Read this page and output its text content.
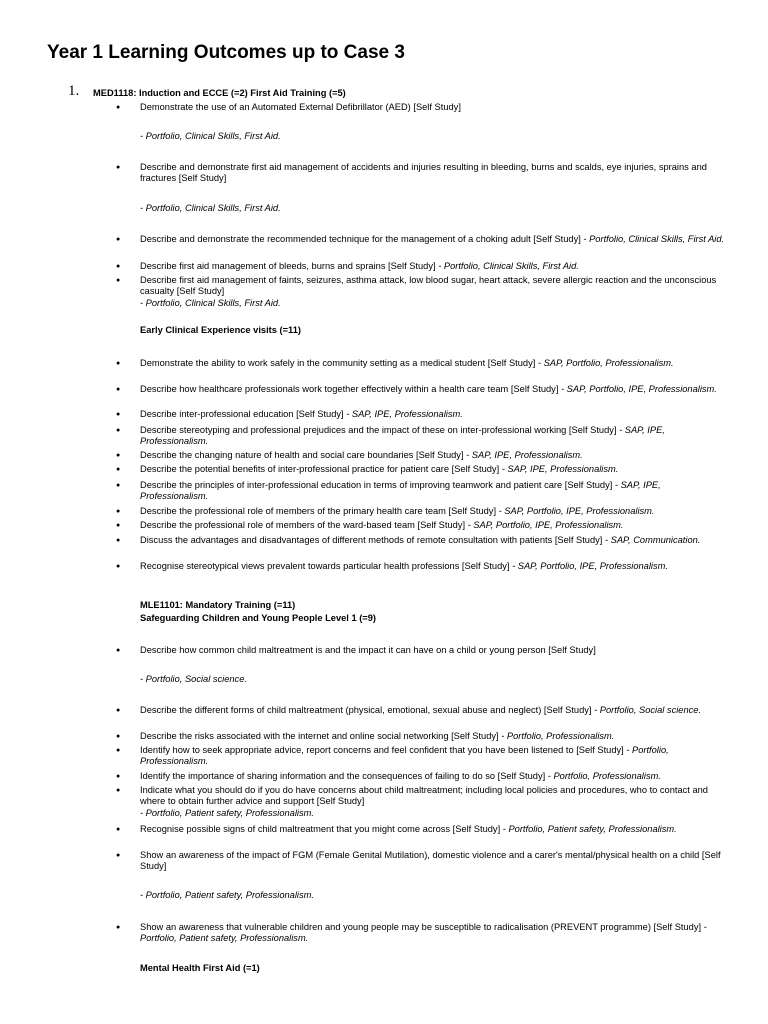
Year 1 Learning Outcomes up to Case 3
1. MED1118: Induction and ECCE (=2) First Aid Training (=5)
● Demonstrate the use of an Automated External Defibrillator (AED) [Self Study]
- Portfolio, Clinical Skills, First Aid.
● Describe and demonstrate first aid management of accidents and injuries resulting in bleeding, burns and scalds, eye injuries, sprains and fractures [Self Study]
- Portfolio, Clinical Skills, First Aid.
● Describe and demonstrate the recommended technique for the management of a choking adult [Self Study] - Portfolio, Clinical Skills, First Aid.
● Describe first aid management of bleeds, burns and sprains [Self Study] - Portfolio, Clinical Skills, First Aid.
● Describe first aid management of faints, seizures, asthma attack, low blood sugar, heart attack, severe allergic reaction and the unconscious casualty [Self Study]
- Portfolio, Clinical Skills, First Aid.
Early Clinical Experience visits (=11)
● Demonstrate the ability to work safely in the community setting as a medical student [Self Study] - SAP, Portfolio, Professionalism.
● Describe how healthcare professionals work together effectively within a health care team [Self Study] - SAP, Portfolio, IPE, Professionalism.
● Describe inter-professional education [Self Study] - SAP, IPE, Professionalism.
● Describe stereotyping and professional prejudices and the impact of these on inter-professional working [Self Study] - SAP, IPE, Professionalism.
● Describe the changing nature of health and social care boundaries [Self Study] - SAP, IPE, Professionalism.
● Describe the potential benefits of inter-professional practice for patient care [Self Study] - SAP, IPE, Professionalism.
● Describe the principles of inter-professional education in terms of improving teamwork and patient care [Self Study] - SAP, IPE, Professionalism.
● Describe the professional role of members of the primary health care team [Self Study] - SAP, Portfolio, IPE, Professionalism.
● Describe the professional role of members of the ward-based team [Self Study] - SAP, Portfolio, IPE, Professionalism.
● Discuss the advantages and disadvantages of different methods of remote consultation with patients [Self Study] - SAP, Communication.
● Recognise stereotypical views prevalent towards particular health professions [Self Study] - SAP, Portfolio, IPE, Professionalism.
MLE1101: Mandatory Training (=11)
Safeguarding Children and Young People Level 1 (=9)
● Describe how common child maltreatment is and the impact it can have on a child or young person [Self Study]
- Portfolio, Social science.
● Describe the different forms of child maltreatment (physical, emotional, sexual abuse and neglect) [Self Study] - Portfolio, Social science.
● Describe the risks associated with the internet and online social networking [Self Study] - Portfolio, Professionalism.
● Identify how to seek appropriate advice, report concerns and feel confident that you have been listened to [Self Study] - Portfolio, Professionalism.
● Identify the importance of sharing information and the consequences of failing to do so [Self Study] - Portfolio, Professionalism.
● Indicate what you should do if you do have concerns about child maltreatment; including local policies and procedures, who to contact and where to obtain further advice and support [Self Study]
- Portfolio, Patient safety, Professionalism.
● Recognise possible signs of child maltreatment that you might come across [Self Study] - Portfolio, Patient safety, Professionalism.
● Show an awareness of the impact of FGM (Female Genital Mutilation), domestic violence and a carer's mental/physical health on a child [Self Study]
- Portfolio, Patient safety, Professionalism.
● Show an awareness that vulnerable children and young people may be susceptible to radicalisation (PREVENT programme) [Self Study] - Portfolio, Patient safety, Professionalism.
Mental Health First Aid (=1)
